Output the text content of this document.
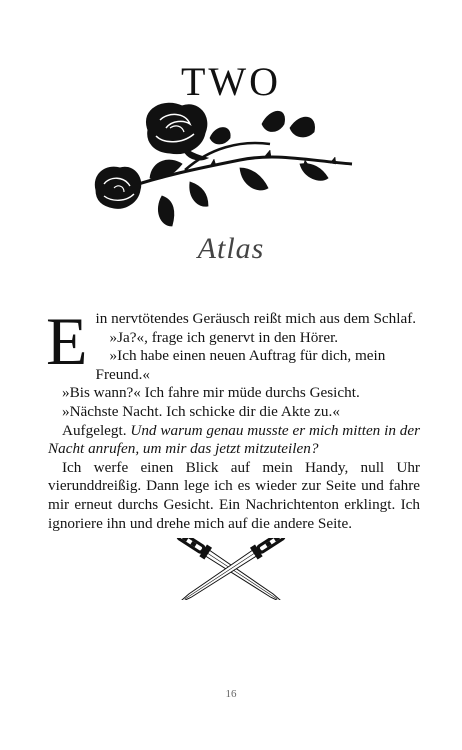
TWO
Atlas

Ein nervtötendes Geräusch reißt mich aus dem Schlaf.

»Ja?«, frage ich genervt in den Hörer.

»Ich habe einen neuen Auftrag für dich, mein Freund.«

»Bis wann?« Ich fahre mir müde durchs Gesicht.

»Nächste Nacht. Ich schicke dir die Akte zu.«

Aufgelegt. Und warum genau musste er mich mitten in der Nacht anrufen, um mir das jetzt mitzuteilen?

Ich werfe einen Blick auf mein Handy, null Uhr vierunddreißig. Dann lege ich es wieder zur Seite und fahre mir erneut durchs Gesicht. Ein Nachrichtenton erklingt. Ich ignoriere ihn und drehe mich auf die andere Seite.

16
